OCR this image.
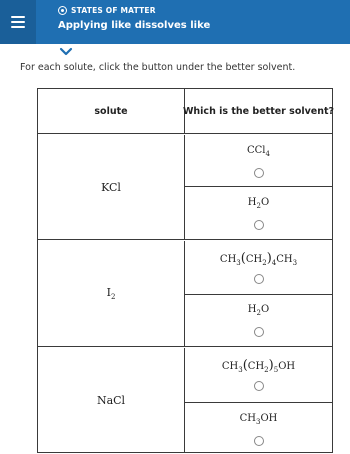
STATES OF MATTER
Applying like dissolves like
For each solute, click the button under the better solvent.
solute	Which is the better solvent?
KCl
CCl$_4$
$H_2O$
$I_2$
$CH_3(CH_2)_4CH_3$
$H_2O$
NaCl
$CH_3(CH_2)_5OH$
$CH_3OH$
